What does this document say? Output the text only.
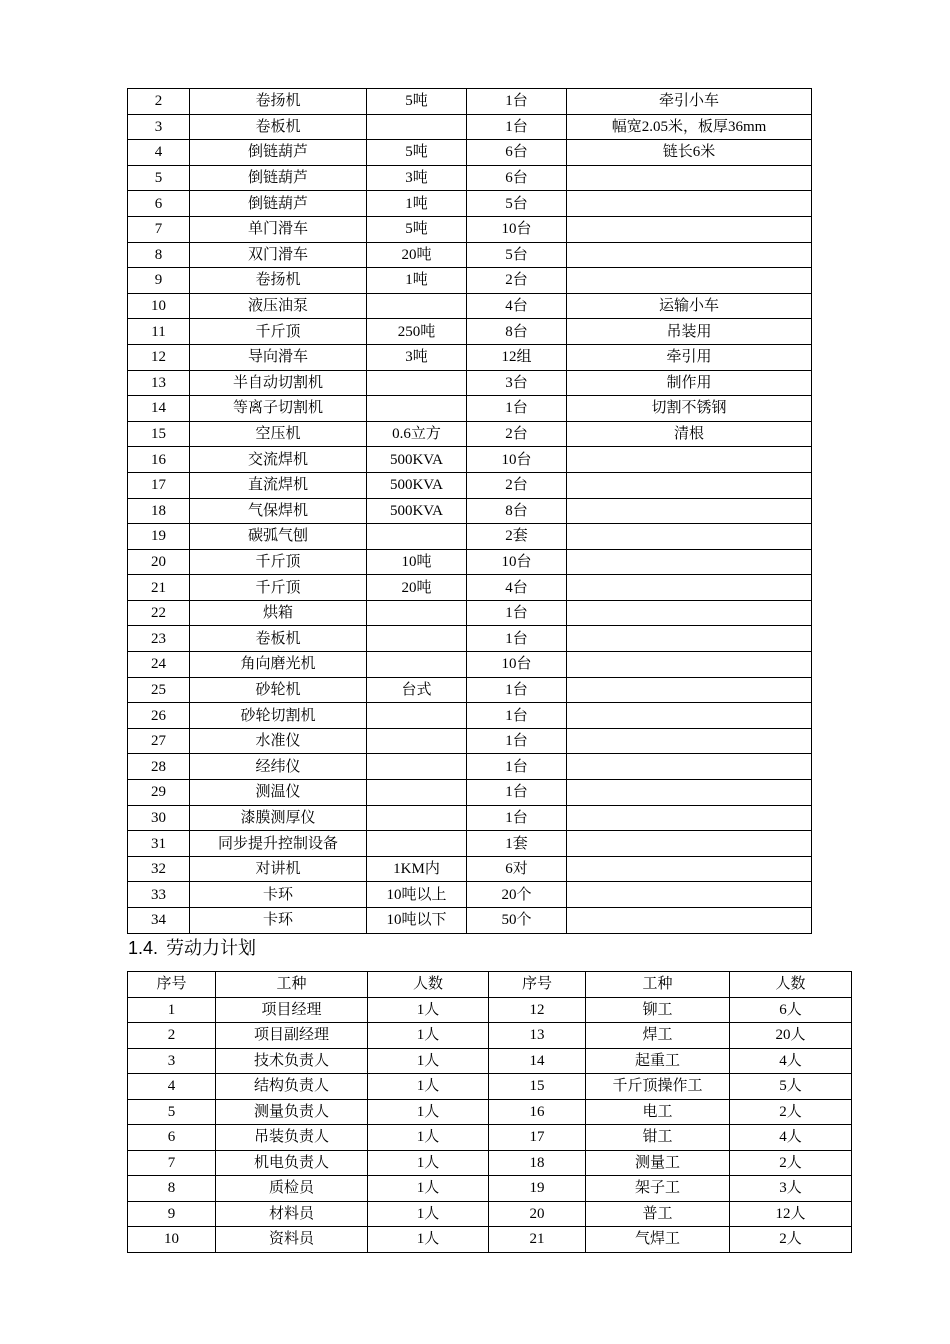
2	卷扬机	5吨	1台	牵引小车
3	卷板机		1台	幅宽2.05米，板厚36mm
4	倒链葫芦	5吨	6台	链长6米
5	倒链葫芦	3吨	6台	
6	倒链葫芦	1吨	5台	
7	单门滑车	5吨	10台	
8	双门滑车	20吨	5台	
9	卷扬机	1吨	2台	
10	液压油泵		4台	运输小车
11	千斤顶	250吨	8台	吊装用
12	导向滑车	3吨	12组	牵引用
13	半自动切割机		3台	制作用
14	等离子切割机		1台	切割不锈钢
15	空压机	0.6立方	2台	清根
16	交流焊机	500KVA	10台	
17	直流焊机	500KVA	2台	
18	气保焊机	500KVA	8台	
19	碳弧气刨		2套	
20	千斤顶	10吨	10台	
21	千斤顶	20吨	4台	
22	烘箱		1台	
23	卷板机		1台	
24	角向磨光机		10台	
25	砂轮机	台式	1台	
26	砂轮切割机		1台	
27	水准仪		1台	
28	经纬仪		1台	
29	测温仪		1台	
30	漆膜测厚仪		1台	
31	同步提升控制设备		1套	
32	对讲机	1KM内	6对	
33	卡环	10吨以上	20个	
34	卡环	10吨以下	50个	
1.4. 劳动力计划
序号	工种	人数	序号	工种	人数
1	项目经理	1人	12	铆工	6人
2	项目副经理	1人	13	焊工	20人
3	技术负责人	1人	14	起重工	4人
4	结构负责人	1人	15	千斤顶操作工	5人
5	测量负责人	1人	16	电工	2人
6	吊装负责人	1人	17	钳工	4人
7	机电负责人	1人	18	测量工	2人
8	质检员	1人	19	架子工	3人
9	材料员	1人	20	普工	12人
10	资料员	1人	21	气焊工	2人
